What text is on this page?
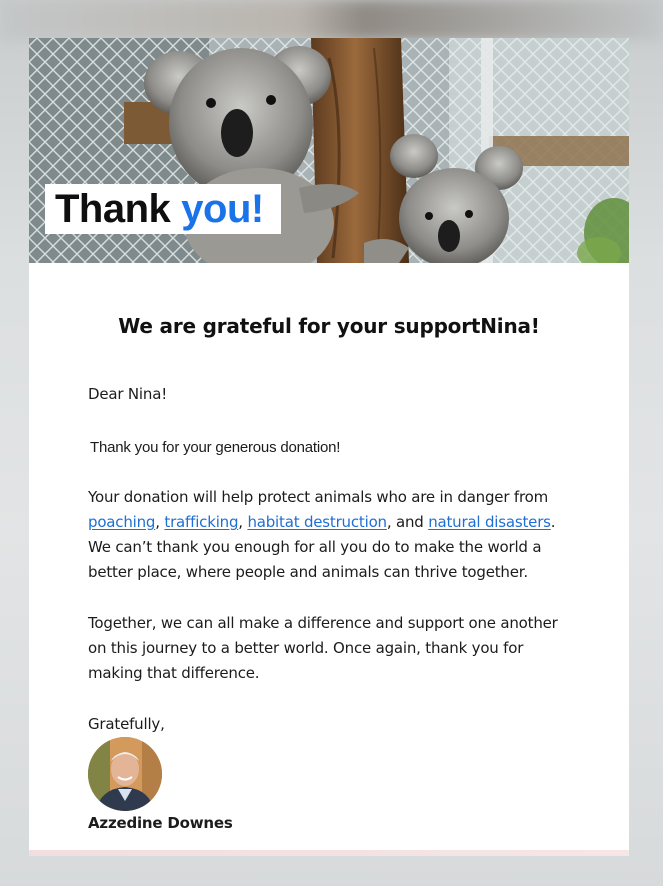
Thank you!
We are grateful for your supportNina!
Dear Nina!
Thank you for your generous donation!
Your donation will help protect animals who are in danger from poaching, trafficking, habitat destruction, and natural disasters. We can’t thank you enough for all you do to make the world a better place, where people and animals can thrive together.
Together, we can all make a difference and support one another on this journey to a better world. Once again, thank you for making that difference.
Gratefully,
Azzedine Downes
